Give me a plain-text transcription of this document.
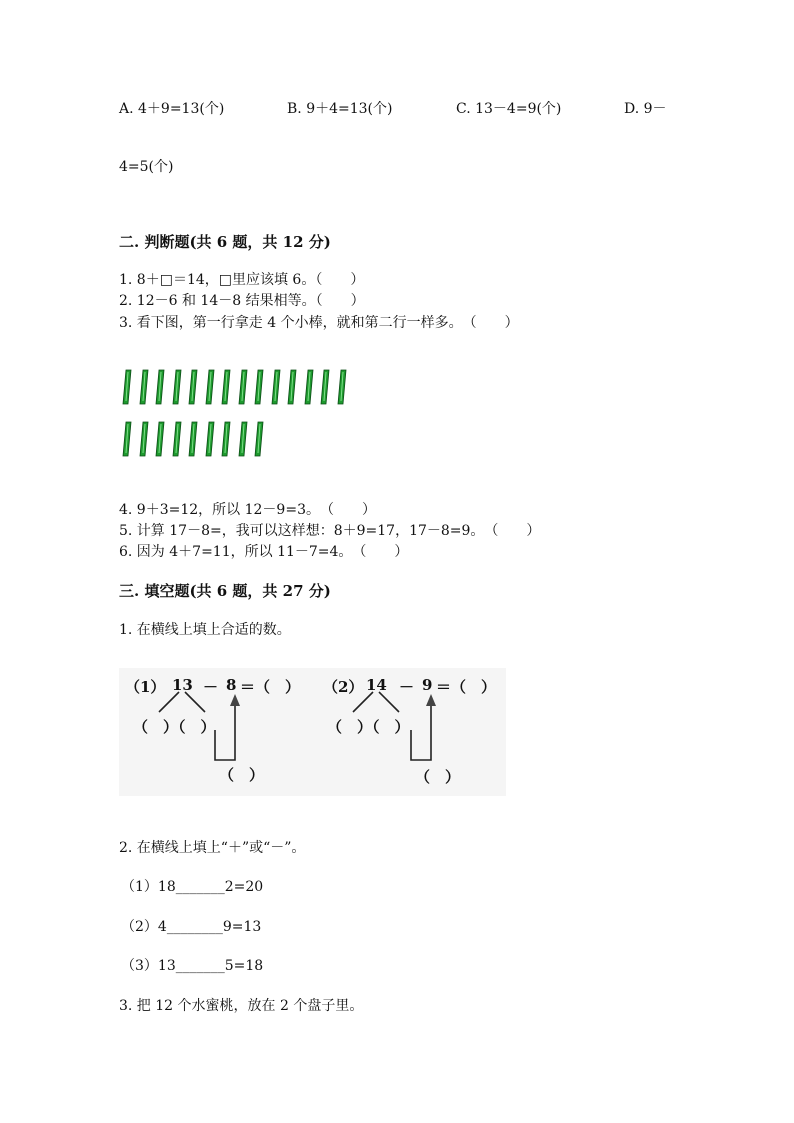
A. 4＋9=13(个)	B. 9＋4=13(个)	C. 13－4=9(个)	D. 9－
4=5(个)
二. 判断题(共 6 题，共 12 分)
1. 8＋□＝14，□里应该填 6。（　　）
2. 12－6 和 14－8 结果相等。（　　）
3. 看下图，第一行拿走 4 个小棒，就和第二行一样多。　（　　）
4. 9＋3=12，所以 12－9=3。　（　　）
5. 计算 17－8=，我可以这样想：8＋9=17，17－8=9。　（　　）
6. 因为 4＋7=11，所以 11－7=4。　（　　）
三. 填空题(共 6 题，共 27 分)
1. 在横线上填上合适的数。
（1） 13 － 8 ＝（　）
（　）（　）
（　）
（2） 14 － 9 ＝（　）
（　）（　）
（　）
2. 在横线上填上“＋”或“－”。
（1）18_______2=20
（2）4________9=13
（3）13_______5=18
3. 把 12 个水蜜桃，放在 2 个盘子里。
